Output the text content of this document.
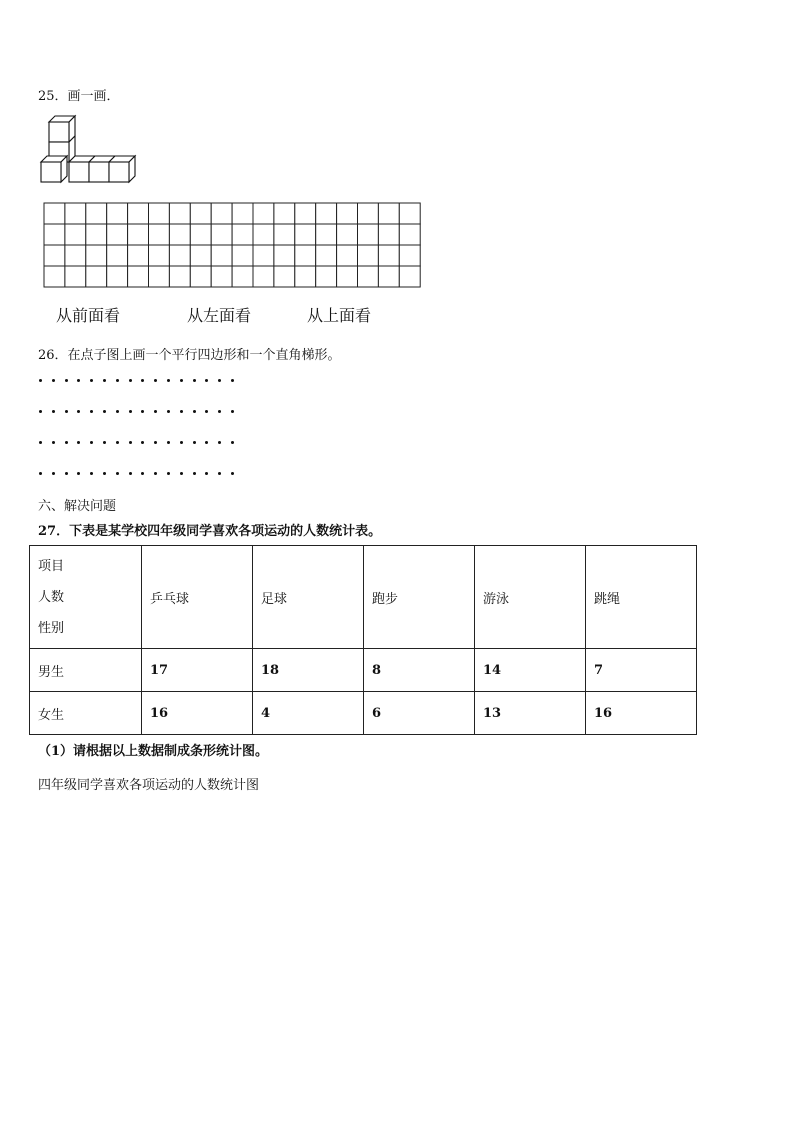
25．画一画．
从前面看	从左面看	从上面看
26．在点子图上画一个平行四边形和一个直角梯形。
六、解决问题
27．下表是某学校四年级同学喜欢各项运动的人数统计表。
项目
人数
性别	乒乓球	足球	跑步	游泳	跳绳
男生	17	18	8	14	7
女生	16	4	6	13	16
（1）请根据以上数据制成条形统计图。
四年级同学喜欢各项运动的人数统计图
